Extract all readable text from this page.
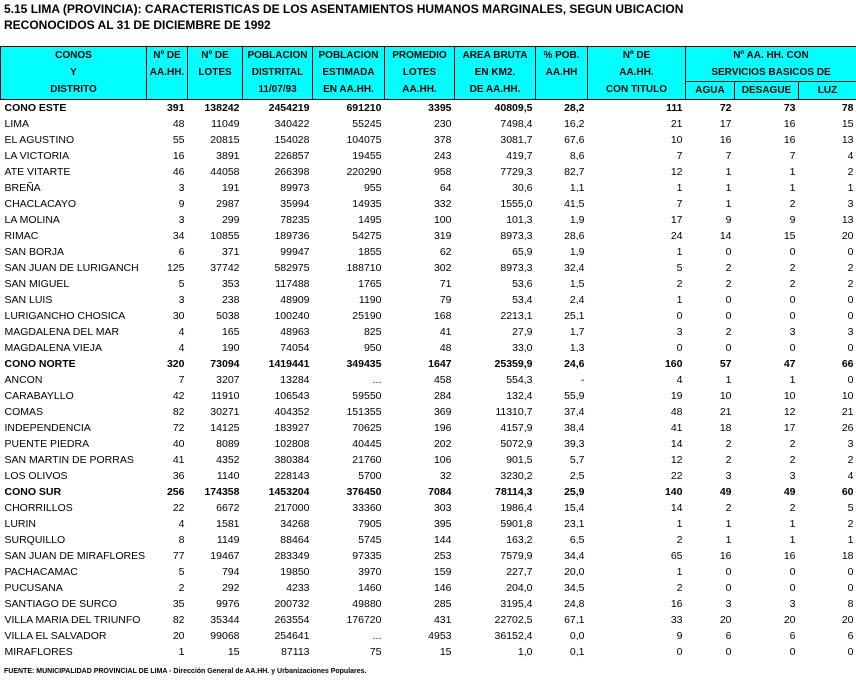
5.15 LIMA (PROVINCIA): CARACTERISTICAS DE LOS ASENTAMIENTOS HUMANOS MARGINALES, SEGUN UBICACION
RECONOCIDOS AL 31 DE DICIEMBRE DE 1992
CONOS	Nº DE	Nº DE	POBLACION	POBLACION	PROMEDIO	AREA BRUTA	% POB.	Nº DE	Nº AA. HH. CON		
Y	AA.HH.	LOTES	DISTRITAL	ESTIMADA	LOTES	EN KM2.	AA.HH	AA.HH.	SERVICIOS BASICOS DE		
DISTRITO			11/07/93	EN AA.HH.	AA.HH.	DE AA.HH.		CON TITULO	AGUA	DESAGUE	LUZ
CONO ESTE	391	138242	2454219	691210	3395	40809,5	28,2	111	72	73	78
LIMA	48	11049	340422	55245	230	7498,4	16,2	21	17	16	15
EL AGUSTINO	55	20815	154028	104075	378	3081,7	67,6	10	16	16	13
LA VICTORIA	16	3891	226857	19455	243	419,7	8,6	7	7	7	4
ATE VITARTE	46	44058	266398	220290	958	7729,3	82,7	12	1	1	2
BREÑA	3	191	89973	955	64	30,6	1,1	1	1	1	1
CHACLACAYO	9	2987	35994	14935	332	1555,0	41,5	7	1	2	3
LA MOLINA	3	299	78235	1495	100	101,3	1,9	17	9	9	13
RIMAC	34	10855	189736	54275	319	8973,3	28,6	24	14	15	20
SAN BORJA	6	371	99947	1855	62	65,9	1,9	1	0	0	0
SAN JUAN DE LURIGANCH	125	37742	582975	188710	302	8973,3	32,4	5	2	2	2
SAN MIGUEL	5	353	117488	1765	71	53,6	1,5	2	2	2	2
SAN LUIS	3	238	48909	1190	79	53,4	2,4	1	0	0	0
LURIGANCHO CHOSICA	30	5038	100240	25190	168	2213,1	25,1	0	0	0	0
MAGDALENA DEL MAR	4	165	48963	825	41	27,9	1,7	3	2	3	3
MAGDALENA VIEJA	4	190	74054	950	48	33,0	1,3	0	0	0	0
CONO NORTE	320	73094	1419441	349435	1647	25359,9	24,6	160	57	47	66
ANCON	7	3207	13284	...	458	554,3	-	4	1	1	0
CARABAYLLO	42	11910	106543	59550	284	132,4	55,9	19	10	10	10
COMAS	82	30271	404352	151355	369	11310,7	37,4	48	21	12	21
INDEPENDENCIA	72	14125	183927	70625	196	4157,9	38,4	41	18	17	26
PUENTE PIEDRA	40	8089	102808	40445	202	5072,9	39,3	14	2	2	3
SAN MARTIN DE PORRAS	41	4352	380384	21760	106	901,5	5,7	12	2	2	2
LOS OLIVOS	36	1140	228143	5700	32	3230,2	2,5	22	3	3	4
CONO SUR	256	174358	1453204	376450	7084	78114,3	25,9	140	49	49	60
CHORRILLOS	22	6672	217000	33360	303	1986,4	15,4	14	2	2	5
LURIN	4	1581	34268	7905	395	5901,8	23,1	1	1	1	2
SURQUILLO	8	1149	88464	5745	144	163,2	6,5	2	1	1	1
SAN JUAN DE MIRAFLORES	77	19467	283349	97335	253	7579,9	34,4	65	16	16	18
PACHACAMAC	5	794	19850	3970	159	227,7	20,0	1	0	0	0
PUCUSANA	2	292	4233	1460	146	204,0	34,5	2	0	0	0
SANTIAGO DE SURCO	35	9976	200732	49880	285	3195,4	24,8	16	3	3	8
VILLA MARIA DEL TRIUNFO	82	35344	263554	176720	431	22702,5	67,1	33	20	20	20
VILLA EL SALVADOR	20	99068	254641	...	4953	36152,4	0,0	9	6	6	6
MIRAFLORES	1	15	87113	75	15	1,0	0,1	0	0	0	0
FUENTE: MUNICIPALIDAD PROVINCIAL DE LIMA - Dirección General de AA.HH. y Urbanizaciones Populares.
